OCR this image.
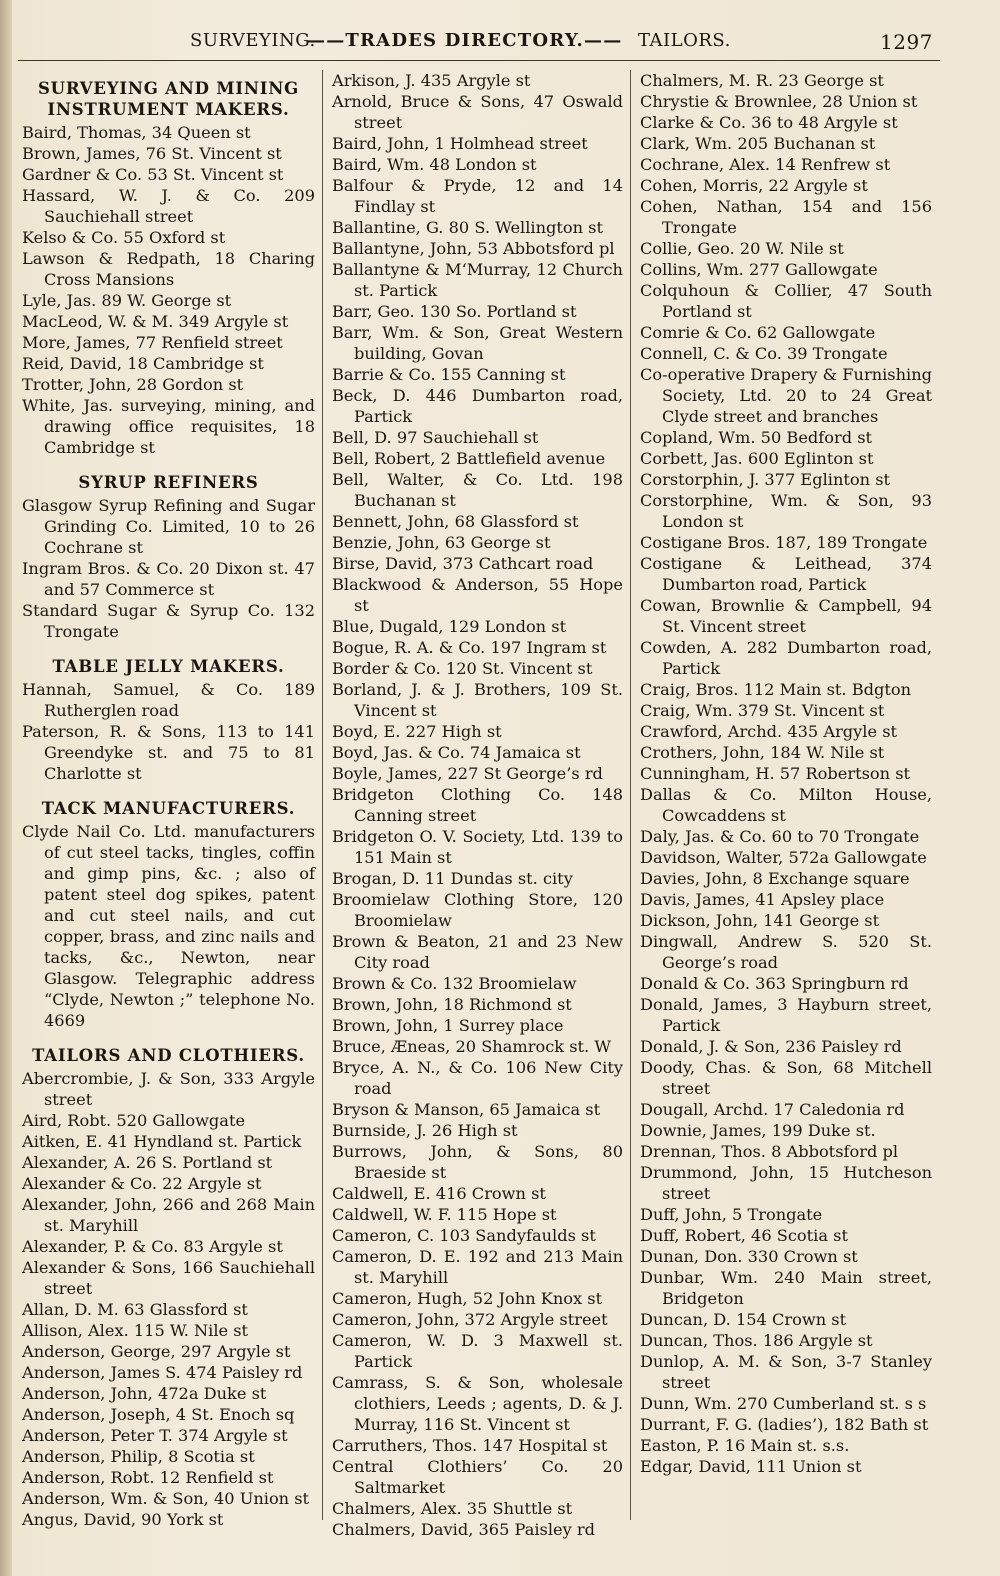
SURVEYING.
——TRADES DIRECTORY.—— TAILORS.	1297
SURVEYING AND MINING
INSTRUMENT MAKERS.
Baird, Thomas, 34 Queen st
Brown, James, 76 St. Vincent st
Gardner & Co. 53 St. Vincent st
Hassard, W. J. & Co. 209 Sauchiehall street
Kelso & Co. 55 Oxford st
Lawson & Redpath, 18 Charing Cross Mansions
Lyle, Jas. 89 W. George st
MacLeod, W. & M. 349 Argyle st
More, James, 77 Renfield street
Reid, David, 18 Cambridge st
Trotter, John, 28 Gordon st
White, Jas. surveying, mining, and drawing office requisites, 18 Cambridge st
SYRUP REFINERS
Glasgow Syrup Refining and Sugar Grinding Co. Limited, 10 to 26 Cochrane st
Ingram Bros. & Co. 20 Dixon st. 47 and 57 Commerce st
Standard Sugar & Syrup Co. 132 Trongate
TABLE JELLY MAKERS.
Hannah, Samuel, & Co. 189 Rutherglen road
Paterson, R. & Sons, 113 to 141 Greendyke st. and 75 to 81 Charlotte st
TACK MANUFACTURERS.
Clyde Nail Co. Ltd. manufacturers of cut steel tacks, tingles, coffin and gimp pins, &c. ; also of patent steel dog spikes, patent and cut steel nails, and cut copper, brass, and zinc nails and tacks, &c., Newton, near Glasgow. Telegraphic address “Clyde, Newton ;” telephone No. 4669
TAILORS AND CLOTHIERS.
Abercrombie, J. & Son, 333 Argyle street
Aird, Robt. 520 Gallowgate
Aitken, E. 41 Hyndland st. Partick
Alexander, A. 26 S. Portland st
Alexander & Co. 22 Argyle st
Alexander, John, 266 and 268 Main st. Maryhill
Alexander, P. & Co. 83 Argyle st
Alexander & Sons, 166 Sauchiehall street
Allan, D. M. 63 Glassford st
Allison, Alex. 115 W. Nile st
Anderson, George, 297 Argyle st
Anderson, James S. 474 Paisley rd
Anderson, John, 472a Duke st
Anderson, Joseph, 4 St. Enoch sq
Anderson, Peter T. 374 Argyle st
Anderson, Philip, 8 Scotia st
Anderson, Robt. 12 Renfield st
Anderson, Wm. & Son, 40 Union st
Angus, David, 90 York st
Arkison, J. 435 Argyle st
Arnold, Bruce & Sons, 47 Oswald street
Baird, John, 1 Holmhead street
Baird, Wm. 48 London st
Balfour & Pryde, 12 and 14 Findlay st
Ballantine, G. 80 S. Wellington st
Ballantyne, John, 53 Abbotsford pl
Ballantyne & M‘Murray, 12 Church st. Partick
Barr, Geo. 130 So. Portland st
Barr, Wm. & Son, Great Western building, Govan
Barrie & Co. 155 Canning st
Beck, D. 446 Dumbarton road, Partick
Bell, D. 97 Sauchiehall st
Bell, Robert, 2 Battlefield avenue
Bell, Walter, & Co. Ltd. 198 Buchanan st
Bennett, John, 68 Glassford st
Benzie, John, 63 George st
Birse, David, 373 Cathcart road
Blackwood & Anderson, 55 Hope st
Blue, Dugald, 129 London st
Bogue, R. A. & Co. 197 Ingram st
Border & Co. 120 St. Vincent st
Borland, J. & J. Brothers, 109 St. Vincent st
Boyd, E. 227 High st
Boyd, Jas. & Co. 74 Jamaica st
Boyle, James, 227 St George’s rd
Bridgeton Clothing Co. 148 Canning street
Bridgeton O. V. Society, Ltd. 139 to 151 Main st
Brogan, D. 11 Dundas st. city
Broomielaw Clothing Store, 120 Broomielaw
Brown & Beaton, 21 and 23 New City road
Brown & Co. 132 Broomielaw
Brown, John, 18 Richmond st
Brown, John, 1 Surrey place
Bruce, Æneas, 20 Shamrock st. W
Bryce, A. N., & Co. 106 New City road
Bryson & Manson, 65 Jamaica st
Burnside, J. 26 High st
Burrows, John, & Sons, 80 Braeside st
Caldwell, E. 416 Crown st
Caldwell, W. F. 115 Hope st
Cameron, C. 103 Sandyfaulds st
Cameron, D. E. 192 and 213 Main st. Maryhill
Cameron, Hugh, 52 John Knox st
Cameron, John, 372 Argyle street
Cameron, W. D. 3 Maxwell st. Partick
Camrass, S. & Son, wholesale clothiers, Leeds ; agents, D. & J. Murray, 116 St. Vincent st
Carruthers, Thos. 147 Hospital st
Central Clothiers’ Co. 20 Saltmarket
Chalmers, Alex. 35 Shuttle st
Chalmers, David, 365 Paisley rd
Chalmers, M. R. 23 George st
Chrystie & Brownlee, 28 Union st
Clarke & Co. 36 to 48 Argyle st
Clark, Wm. 205 Buchanan st
Cochrane, Alex. 14 Renfrew st
Cohen, Morris, 22 Argyle st
Cohen, Nathan, 154 and 156 Trongate
Collie, Geo. 20 W. Nile st
Collins, Wm. 277 Gallowgate
Colquhoun & Collier, 47 South Portland st
Comrie & Co. 62 Gallowgate
Connell, C. & Co. 39 Trongate
Co-operative Drapery & Furnishing Society, Ltd. 20 to 24 Great Clyde street and branches
Copland, Wm. 50 Bedford st
Corbett, Jas. 600 Eglinton st
Corstorphin, J. 377 Eglinton st
Corstorphine, Wm. & Son, 93 London st
Costigane Bros. 187, 189 Trongate
Costigane & Leithead, 374 Dumbarton road, Partick
Cowan, Brownlie & Campbell, 94 St. Vincent street
Cowden, A. 282 Dumbarton road, Partick
Craig, Bros. 112 Main st. Bdgton
Craig, Wm. 379 St. Vincent st
Crawford, Archd. 435 Argyle st
Crothers, John, 184 W. Nile st
Cunningham, H. 57 Robertson st
Dallas & Co. Milton House, Cowcaddens st
Daly, Jas. & Co. 60 to 70 Trongate
Davidson, Walter, 572a Gallowgate
Davies, John, 8 Exchange square
Davis, James, 41 Apsley place
Dickson, John, 141 George st
Dingwall, Andrew S. 520 St. George’s road
Donald & Co. 363 Springburn rd
Donald, James, 3 Hayburn street, Partick
Donald, J. & Son, 236 Paisley rd
Doody, Chas. & Son, 68 Mitchell street
Dougall, Archd. 17 Caledonia rd
Downie, James, 199 Duke st.
Drennan, Thos. 8 Abbotsford pl
Drummond, John, 15 Hutcheson street
Duff, John, 5 Trongate
Duff, Robert, 46 Scotia st
Dunan, Don. 330 Crown st
Dunbar, Wm. 240 Main street, Bridgeton
Duncan, D. 154 Crown st
Duncan, Thos. 186 Argyle st
Dunlop, A. M. & Son, 3-7 Stanley street
Dunn, Wm. 270 Cumberland st. s s
Durrant, F. G. (ladies’), 182 Bath st
Easton, P. 16 Main st. s.s.
Edgar, David, 111 Union st
